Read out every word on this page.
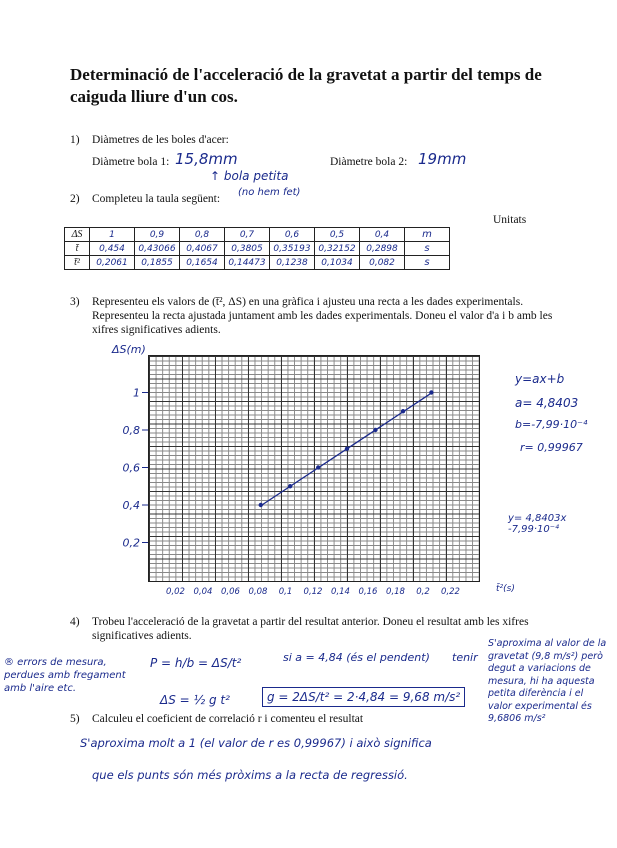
Determinació de l'acceleració de la gravetat a partir del temps de caiguda lliure d'un cos.
1) Diàmetres de les boles d'acer:
Diàmetre bola 1: 15,8mm	Diàmetre bola 2: 19mm
↑ bola petita
(no hem fet)
2) Completeu la taula següent:
Unitats
ΔS	1	0,9	0,8	0,7	0,6	0,5	0,4	m
t̄	0,454	0,43066	0,4067	0,3805	0,35193	0,32152	0,2898	s
t̄²	0,2061	0,1855	0,1654	0,14473	0,1238	0,1034	0,082	s
3) Representeu els valors de (t̄², ΔS) en una gràfica i ajusteu una recta a les dades experimentals.
Representeu la recta ajustada juntament amb les dades experimentals. Doneu el valor d'a i b amb les
xifres significatives adients.
ΔS(m)
t̄²(s)
0,2
0,4
0,6
0,8
1
0,02 0,04 0,06 0,08 0,1 0,12 0,14 0,16 0,18 0,2 0,22
y=ax+b
a= 4,8403
b=-7,99·10⁻⁴
r= 0,99967
y= 4,8403x -7,99·10⁻⁴
4) Trobeu l'acceleració de la gravetat a partir del resultat anterior. Doneu el resultat amb les xifres
significatives adients.
® errors de mesura, perdues amb fregament amb l'aire etc.
P = h/b = ΔS/t²	si a = 4,84 (és el pendent) tenir
ΔS = ½ g t²	g = 2ΔS/t² = 2·4,84 = 9,68 m/s²
S'aproxima al valor de la gravetat (9,8 m/s²) però degut a variacions de mesura, hi ha aquesta petita diferència i el valor experimental és 9,6806 m/s²
5) Calculeu el coeficient de correlació r i comenteu el resultat
S'aproxima molt a 1 (el valor de r es 0,99967) i això significa
que els punts són més pròxims a la recta de regressió.
